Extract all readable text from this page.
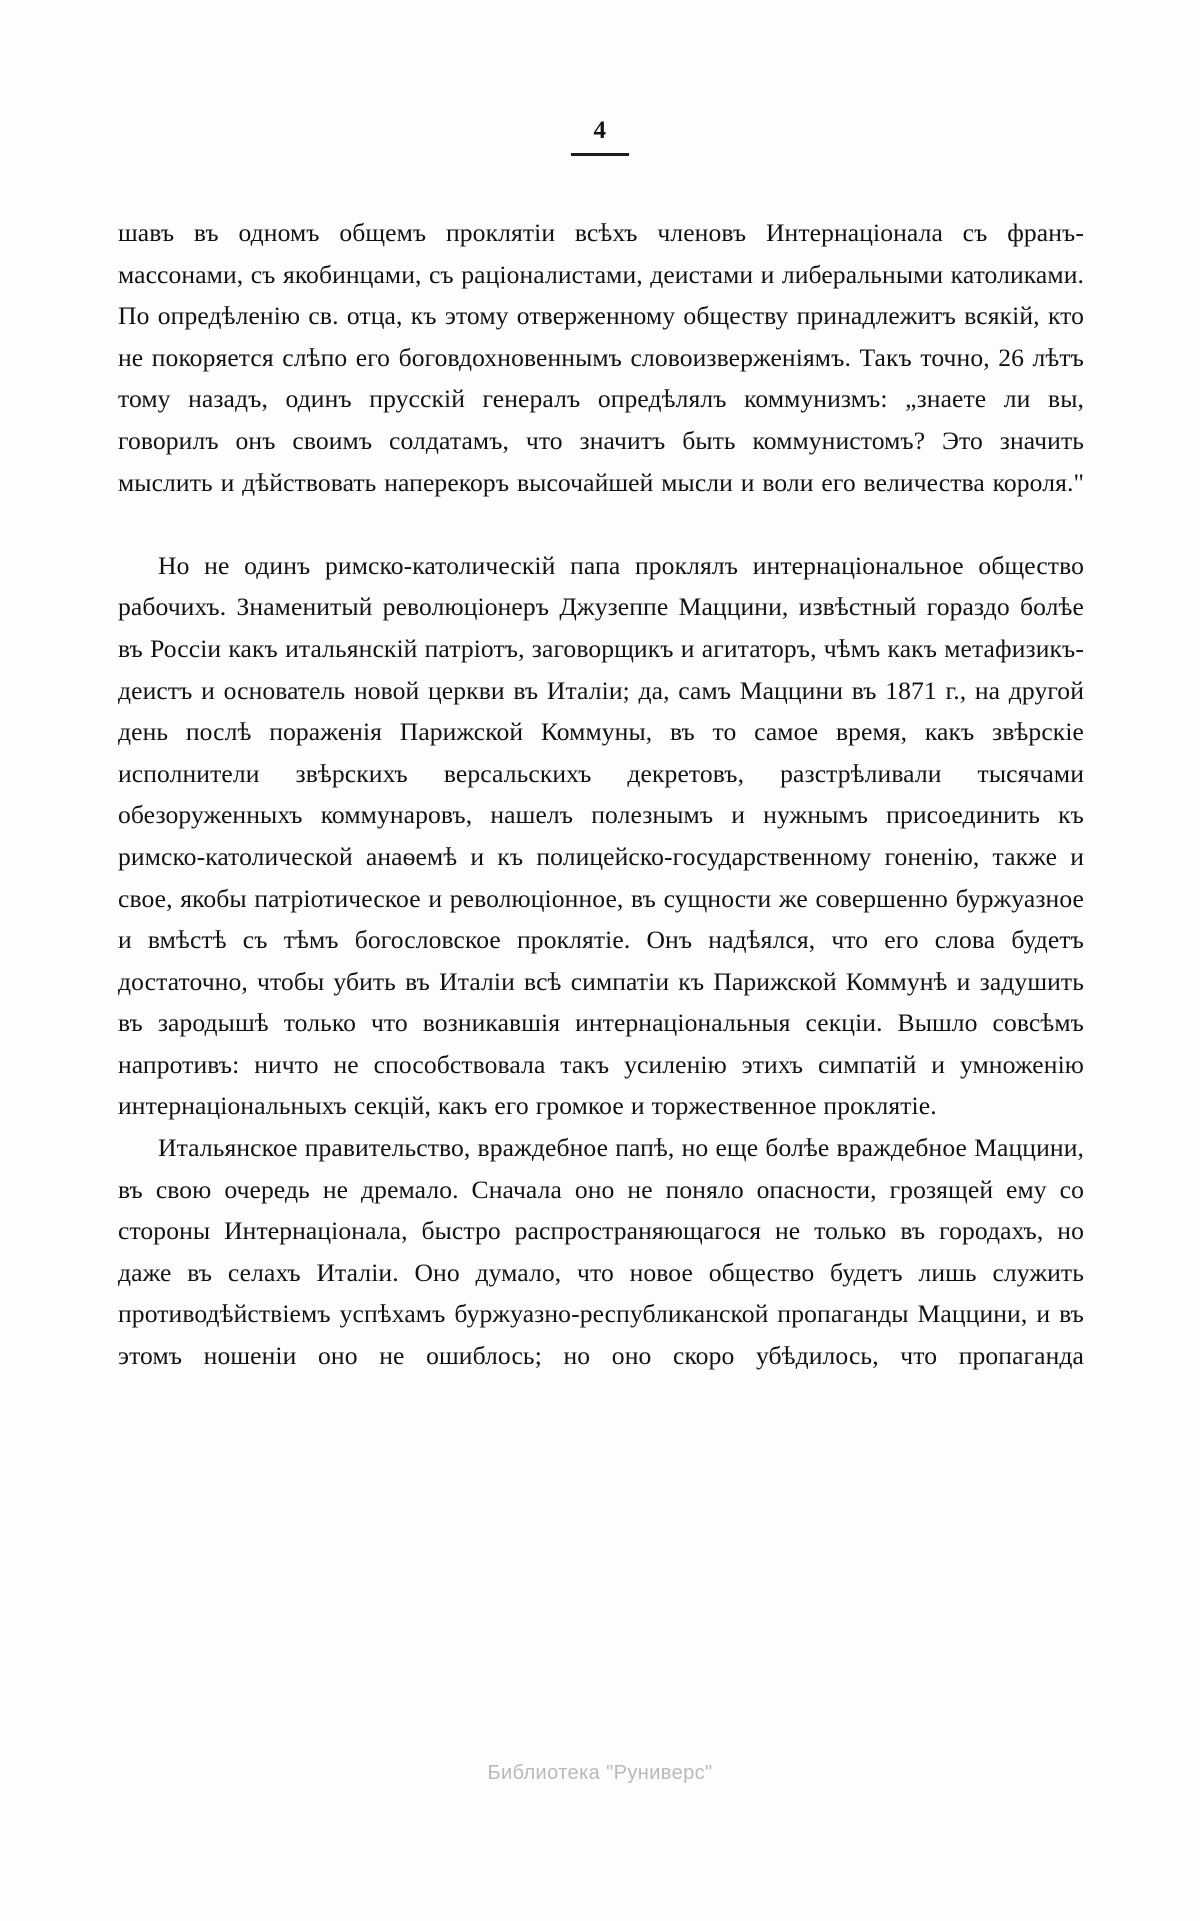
4

шавъ въ одномъ общемъ проклятіи всѣхъ членовъ Интернаціонала съ франъ-массонами, съ якобинцами, съ раціоналистами, деистами и либеральными католиками. По опредѣленію св. отца, къ этому отверженному обществу принадлежитъ всякій, кто не покоряется слѣпо его боговдохновеннымъ словоизверженіямъ. Такъ точно, 26 лѣтъ тому назадъ, одинъ прусскій генералъ опредѣлялъ коммунизмъ: „знаете ли вы, говорилъ онъ своимъ солдатамъ, что значитъ быть коммунистомъ? Это значить мыслить и дѣйствовать наперекоръ высочайшей мысли и воли его величества короля."

Но не одинъ римско-католическій папа проклялъ интернаціональное общество рабочихъ. Знаменитый революціонеръ Джузеппе Маццини, извѣстный гораздо болѣе въ Россіи какъ итальянскій патріотъ, заговорщикъ и агитаторъ, чѣмъ какъ метафизикъ-деистъ и основатель новой церкви въ Италіи; да, самъ Маццини въ 1871 г., на другой день послѣ пораженія Парижской Коммуны, въ то самое время, какъ звѣрскіе исполнители звѣрскихъ версальскихъ декретовъ, разстрѣливали тысячами обезоруженныхъ коммунаровъ, нашелъ полезнымъ и нужнымъ присоединить къ римско-католической анаѳемѣ и къ полицейско-государственному гоненію, также и свое, якобы патріотическое и революціонное, въ сущности же совершенно буржуазное и вмѣстѣ съ тѣмъ богословское проклятіе. Онъ надѣялся, что его слова будетъ достаточно, чтобы убить въ Италіи всѣ симпатіи къ Парижской Коммунѣ и задушить въ зародышѣ только что возникавшія интернаціональныя секціи. Вышло совсѣмъ напротивъ: ничто не способствовала такъ усиленію этихъ симпатій и умноженію интернаціональныхъ секцій, какъ его громкое и торжественное проклятіе.

Итальянское правительство, враждебное папѣ, но еще болѣе враждебное Маццини, въ свою очередь не дремало. Сначала оно не поняло опасности, грозящей ему со стороны Интернаціонала, быстро распространяющагося не только въ городахъ, но даже въ селахъ Италіи. Оно думало, что новое общество будетъ лишь служить противодѣйствіемъ успѣхамъ буржуазно-республиканской пропаганды Маццини, и въ этомъ ношеніи оно не ошиблось; но оно скоро убѣдилось, что пропаганда

Библиотека "Руниверс"
